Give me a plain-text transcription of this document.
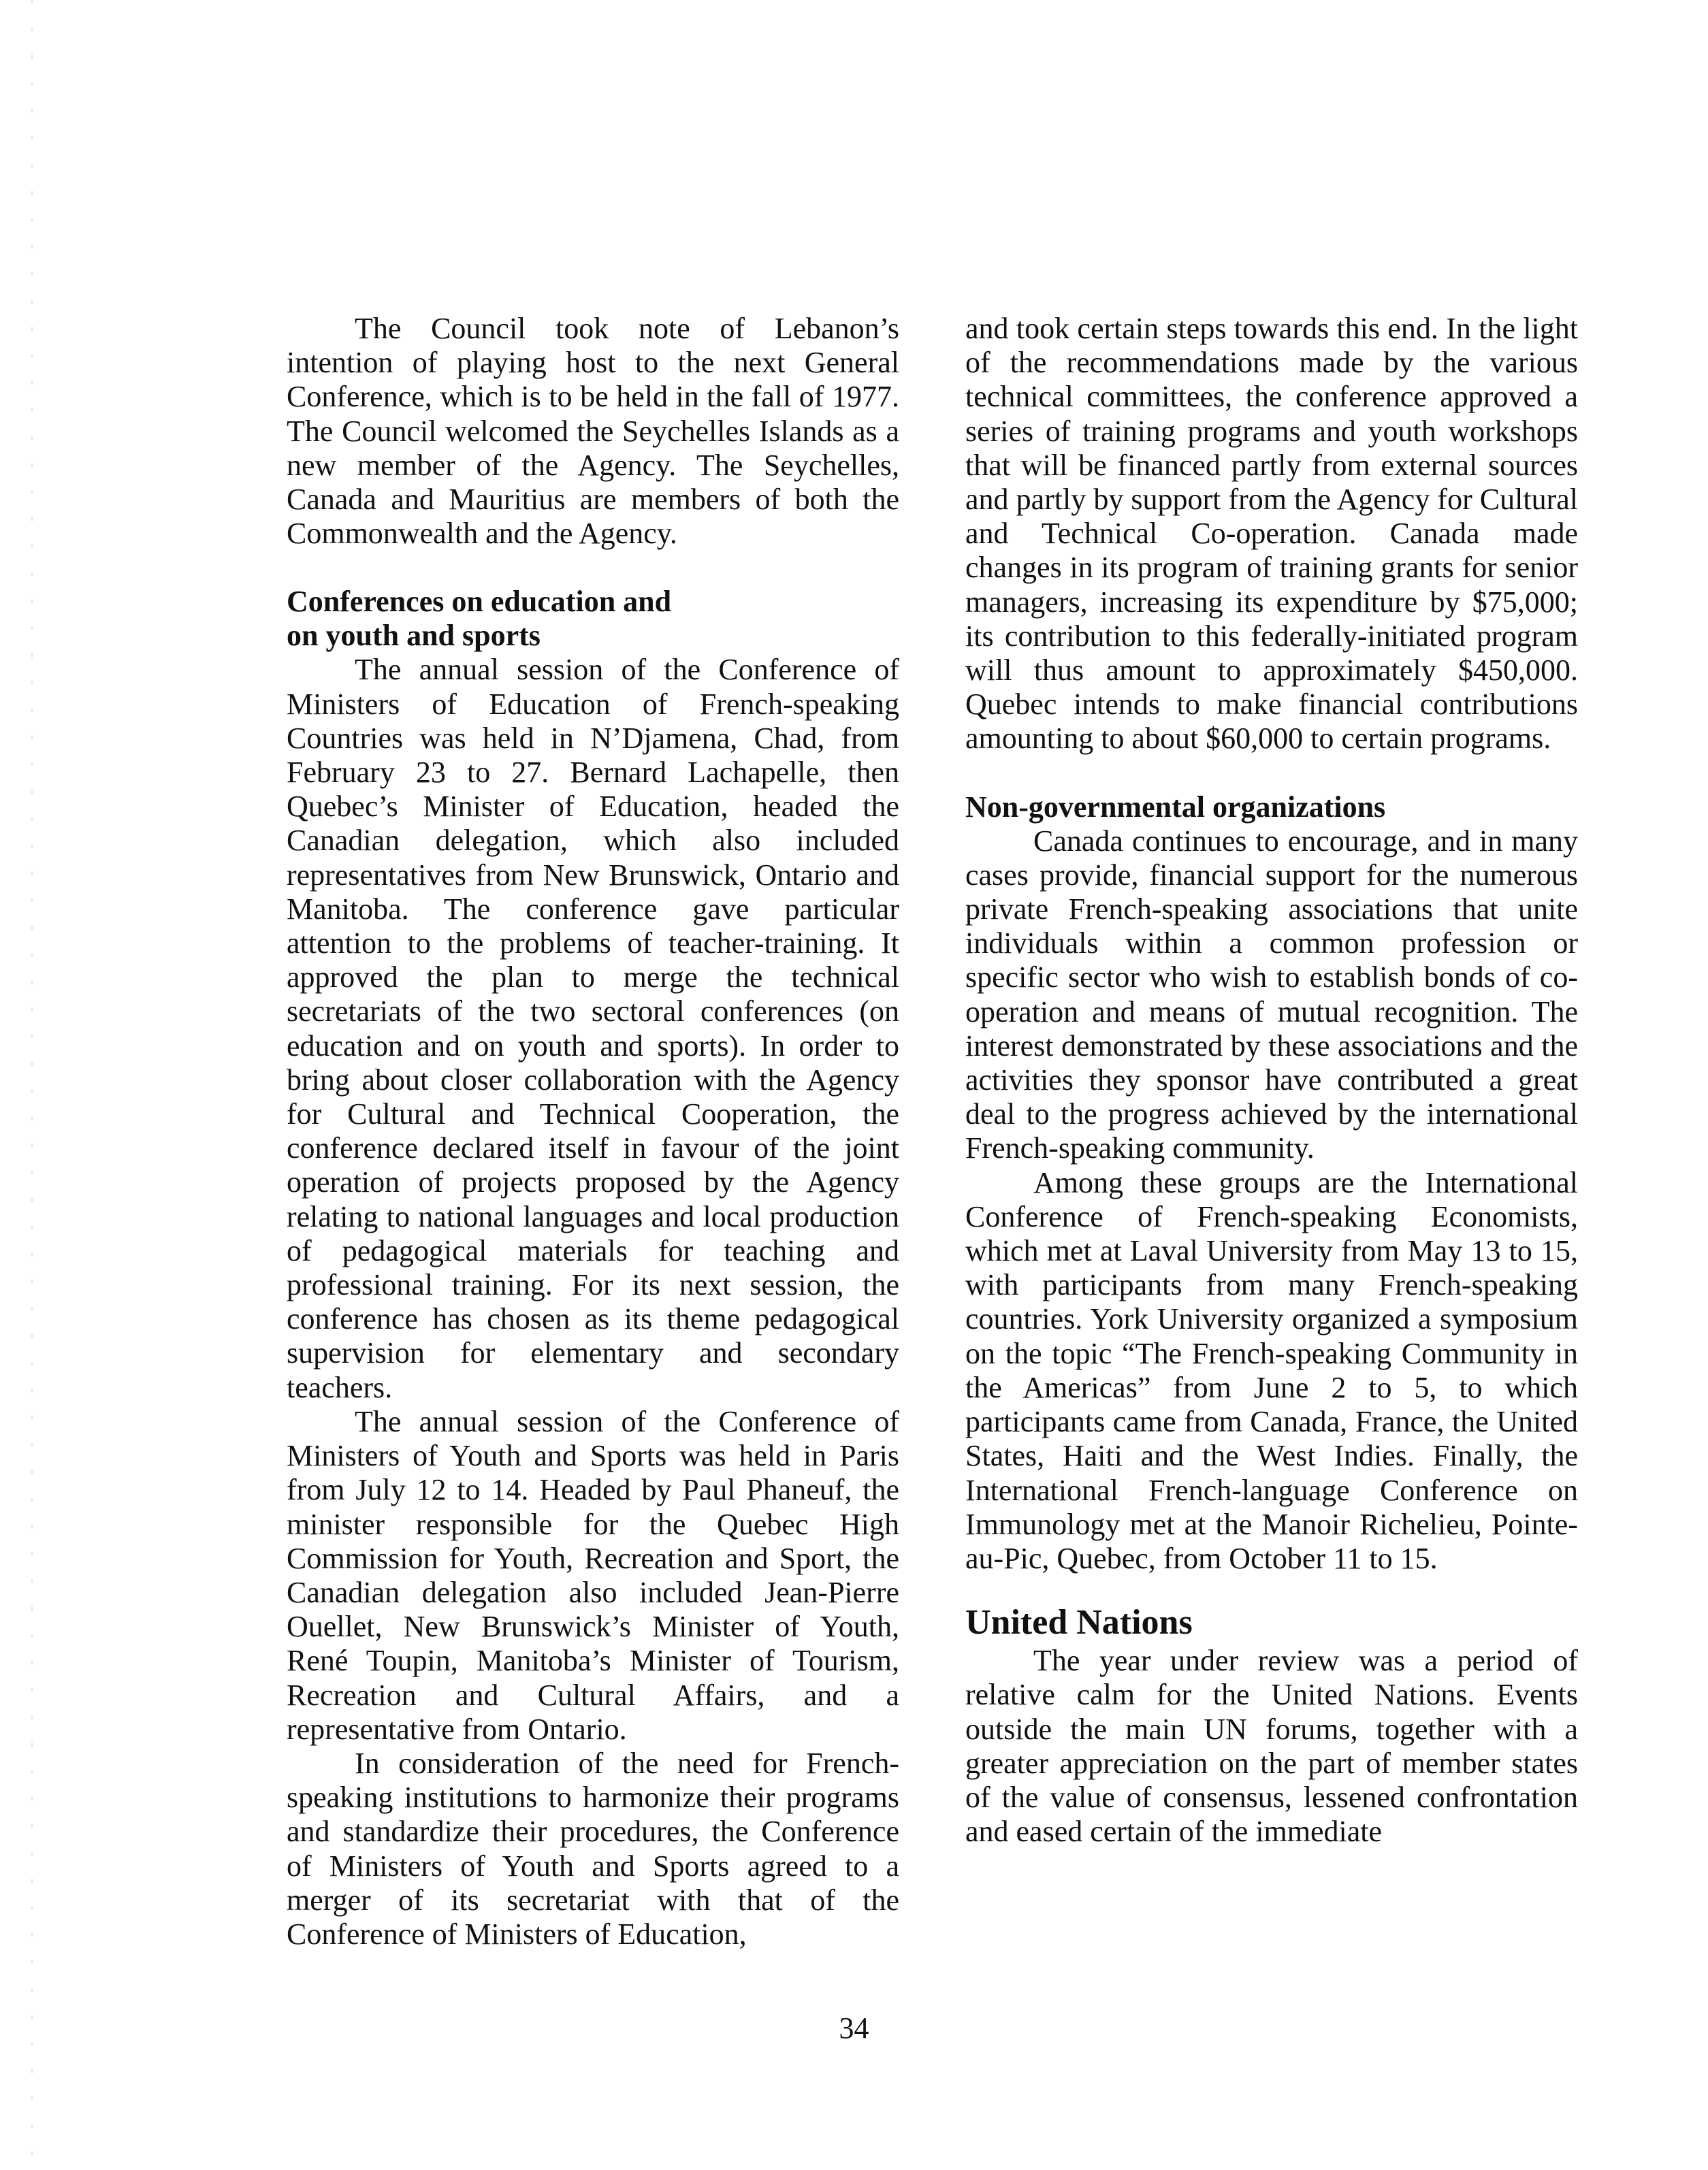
The Council took note of Lebanon’s intention of playing host to the next General Conference, which is to be held in the fall of 1977. The Council welcomed the Seychelles Islands as a new member of the Agency. The Seychelles, Canada and Mauritius are members of both the Commonwealth and the Agency.

Conferences on education and
on youth and sports

The annual session of the Conference of Ministers of Education of French-speaking Countries was held in N’Djamena, Chad, from February 23 to 27. Bernard Lachapelle, then Quebec’s Minister of Education, headed the Canadian delegation, which also included representatives from New Brunswick, Ontario and Manitoba. The conference gave particular attention to the problems of teacher-training. It approved the plan to merge the technical secretariats of the two sectoral conferences (on education and on youth and sports). In order to bring about closer collaboration with the Agency for Cultural and Technical Cooperation, the conference declared itself in favour of the joint operation of projects proposed by the Agency relating to national languages and local production of pedagogical materials for teaching and professional training. For its next session, the conference has chosen as its theme pedagogical supervision for elementary and secondary teachers.

The annual session of the Conference of Ministers of Youth and Sports was held in Paris from July 12 to 14. Headed by Paul Phaneuf, the minister responsible for the Quebec High Commission for Youth, Recreation and Sport, the Canadian delegation also included Jean-Pierre Ouellet, New Brunswick’s Minister of Youth, René Toupin, Manitoba’s Minister of Tourism, Recreation and Cultural Affairs, and a representative from Ontario.

In consideration of the need for French-speaking institutions to harmonize their programs and standardize their procedures, the Conference of Ministers of Youth and Sports agreed to a merger of its secretariat with that of the Conference of Ministers of Education,

and took certain steps towards this end. In the light of the recommendations made by the various technical committees, the conference approved a series of training programs and youth workshops that will be financed partly from external sources and partly by support from the Agency for Cultural and Technical Co-operation. Canada made changes in its program of training grants for senior managers, increasing its expenditure by $75,000; its contribution to this federally-initiated program will thus amount to approximately $450,000. Quebec intends to make financial contributions amounting to about $60,000 to certain programs.

Non-governmental organizations

Canada continues to encourage, and in many cases provide, financial support for the numerous private French-speaking associations that unite individuals within a common profession or specific sector who wish to establish bonds of co-operation and means of mutual recognition. The interest demonstrated by these associations and the activities they sponsor have contributed a great deal to the progress achieved by the international French-speaking community.

Among these groups are the International Conference of French-speaking Economists, which met at Laval University from May 13 to 15, with participants from many French-speaking countries. York University organized a symposium on the topic “The French-speaking Community in the Americas” from June 2 to 5, to which participants came from Canada, France, the United States, Haiti and the West Indies. Finally, the International French-language Conference on Immunology met at the Manoir Richelieu, Pointe-au-Pic, Quebec, from October 11 to 15.

United Nations

The year under review was a period of relative calm for the United Nations. Events outside the main UN forums, together with a greater appreciation on the part of member states of the value of consensus, lessened confrontation and eased certain of the immediate

34
